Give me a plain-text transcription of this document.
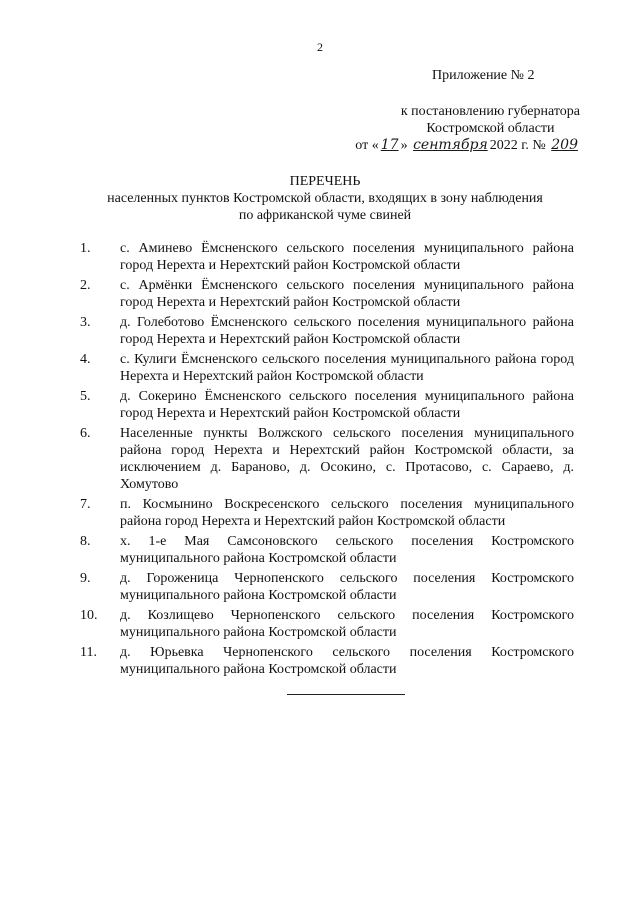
2
Приложение № 2
к постановлению губернатора
Костромской области
от « 17 » сентября 2022 г. № 209
ПЕРЕЧЕНЬ
населенных пунктов Костромской области, входящих в зону наблюдения
по африканской чуме свиней
1.	с. Аминево Ёмсненского сельского поселения муниципального района город Нерехта и Нерехтский район Костромской области
2.	с. Армёнки Ёмсненского сельского поселения муниципального района город Нерехта и Нерехтский район Костромской области
3.	д. Голеботово Ёмсненского сельского поселения муниципального района город Нерехта и Нерехтский район Костромской области
4.	с. Кулиги Ёмсненского сельского поселения муниципального района город Нерехта и Нерехтский район Костромской области
5.	д. Сокерино Ёмсненского сельского поселения муниципального района город Нерехта и Нерехтский район Костромской области
6.	Населенные пункты Волжского сельского поселения муниципального района город Нерехта и Нерехтский район Костромской области, за исключением д. Бараново, д. Осокино, с. Протасово, с. Сараево, д. Хомутово
7.	п. Космынино Воскресенского сельского поселения муниципального района город Нерехта и Нерехтский район Костромской области
8.	х. 1-е Мая Самсоновского сельского поселения Костромского муниципального района Костромской области
9.	д. Гороженица Чернопенского сельского поселения Костромского муниципального района Костромской области
10.	д. Козлищево Чернопенского сельского поселения Костромского муниципального района Костромской области
11.	д. Юрьевка Чернопенского сельского поселения Костромского муниципального района Костромской области
